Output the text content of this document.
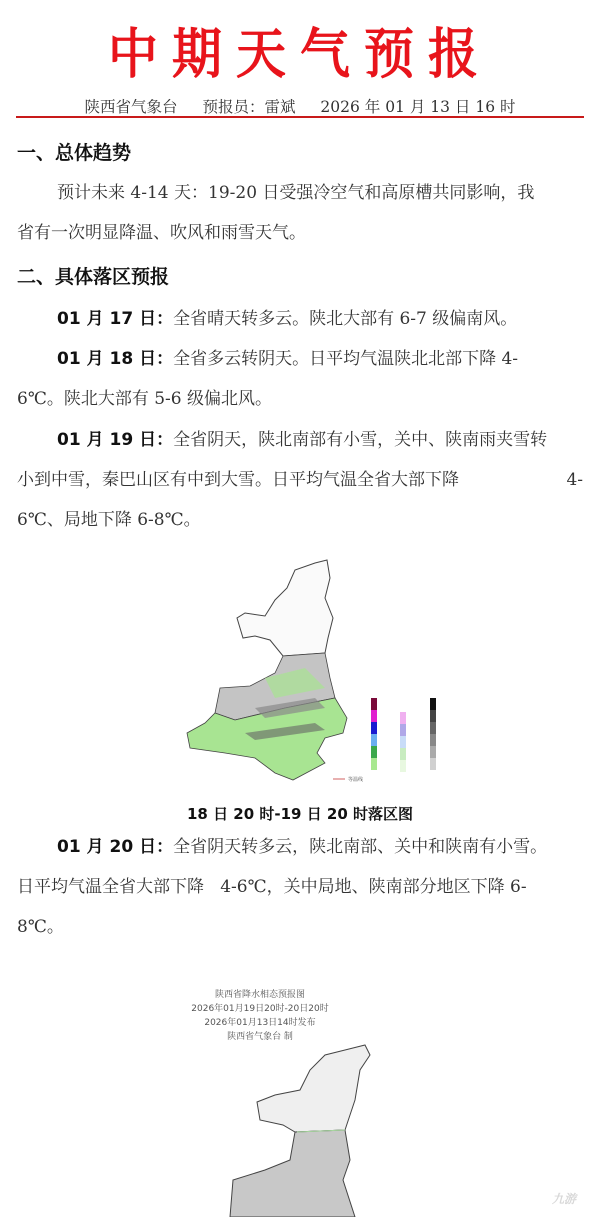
中期天气预报
陕西省气象台 预报员：雷斌 2026 年 01 月 13 日 16 时
一、总体趋势
预计未来 4-14 天：19-20 日受强冷空气和高原槽共同影响，我
省有一次明显降温、吹风和雨雪天气。
二、具体落区预报
01 月 17 日：全省晴天转多云。陕北大部有 6-7 级偏南风。
01 月 18 日：全省多云转阴天。日平均气温陕北北部下降 4-
6℃。陕北大部有 5-6 级偏北风。
01 月 19 日：全省阴天，陕北南部有小雪，关中、陕南雨夹雪转
小到中雪，秦巴山区有中到大雪。日平均气温全省大部下降	4-
6℃、局地下降 6-8℃。
等温线
18 日 20 时-19 日 20 时落区图
01 月 20 日：全省阴天转多云，陕北南部、关中和陕南有小雪。
日平均气温全省大部下降   4-6℃，关中局地、陕南部分地区下降 6-
8℃。
陕西省降水相态预报图
2026年01月19日20时-20日20时
2026年01月13日14时发布
陕西省气象台 制
九游
